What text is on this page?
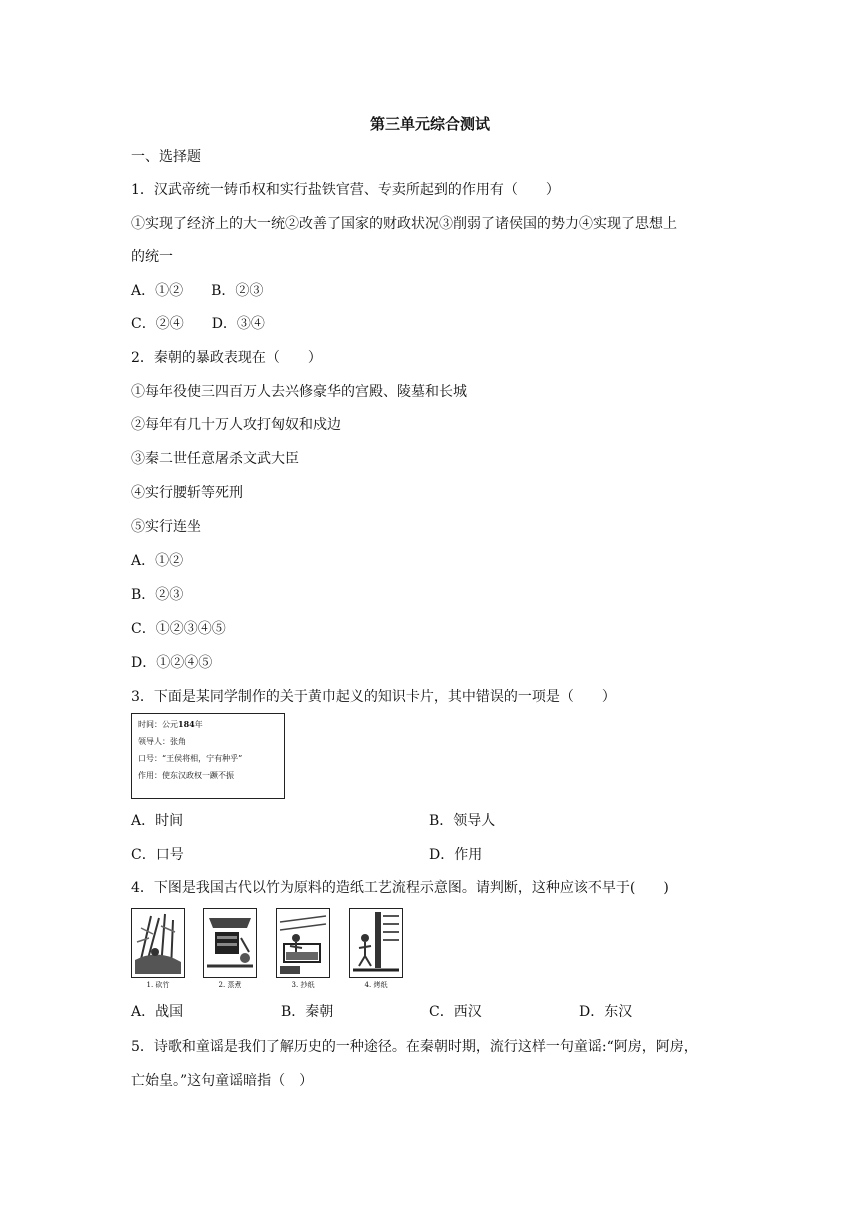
第三单元综合测试
一、选择题
1．汉武帝统一铸币权和实行盐铁官营、专卖所起到的作用有（　　）
①实现了经济上的大一统②改善了国家的财政状况③削弱了诸侯国的势力④实现了思想上
的统一
A．①②　　B．②③
C．②④　　D．③④
2．秦朝的暴政表现在（　　）
①每年役使三四百万人去兴修豪华的宫殿、陵墓和长城
②每年有几十万人攻打匈奴和戍边
③秦二世任意屠杀文武大臣
④实行腰斩等死刑
⑤实行连坐
A．①②
B．②③
C．①②③④⑤
D．①②④⑤
3．下面是某同学制作的关于黄巾起义的知识卡片，其中错误的一项是（　　）
时间：公元184年
领导人：张角
口号：“王侯将相，宁有种乎”
作用：使东汉政权一蹶不振
A．时间	B．领导人
C．口号	D．作用
4．下图是我国古代以竹为原料的造纸工艺流程示意图。请判断，这种应该不早于(　　)
1. 砍竹	2. 蒸煮	3. 抄纸	4. 烤纸
A．战国	B．秦朝	C．西汉	D．东汉
5．诗歌和童谣是我们了解历史的一种途径。在秦朝时期，流行这样一句童谣:“阿房，阿房，
亡始皇。”这句童谣暗指（　）
